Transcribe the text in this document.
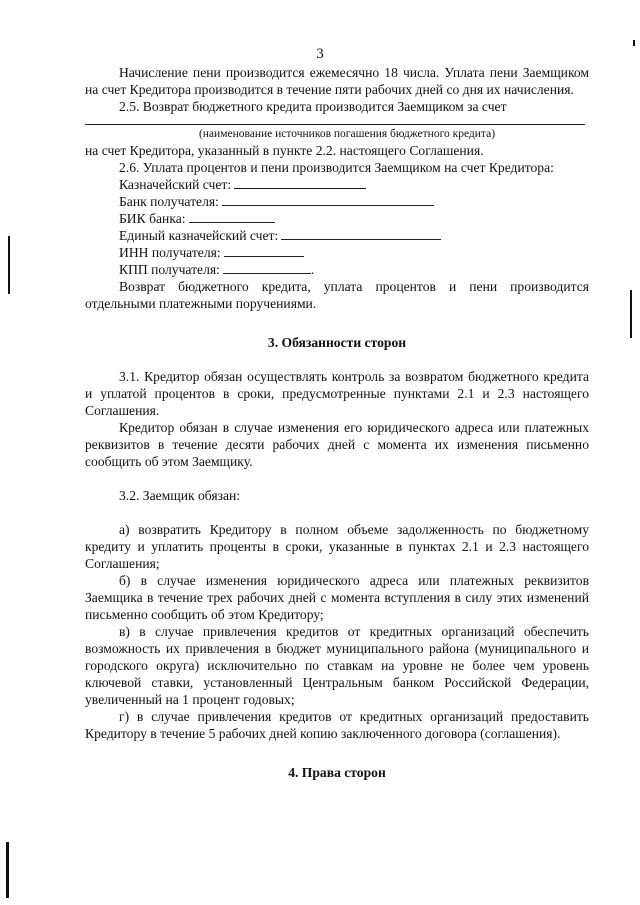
3

Начисление пени производится ежемесячно 18 числа. Уплата пени Заемщиком на счет Кредитора производится в течение пяти рабочих дней со дня их начисления.

2.5. Возврат бюджетного кредита производится Заемщиком за счет

(наименование источников погашения бюджетного кредита)

на счет Кредитора, указанный в пункте 2.2. настоящего Соглашения.

2.6. Уплата процентов и пени производится Заемщиком на счет Кредитора:

Казначейский счет:
Банк получателя:
БИК банка:
Единый казначейский счет:
ИНН получателя:
КПП получателя:	.

Возврат бюджетного кредита, уплата процентов и пени производится отдельными платежными поручениями.

3. Обязанности сторон

3.1. Кредитор обязан осуществлять контроль за возвратом бюджетного кредита и уплатой процентов в сроки, предусмотренные пунктами 2.1 и 2.3 настоящего Соглашения.

Кредитор обязан в случае изменения его юридического адреса или платежных реквизитов в течение десяти рабочих дней с момента их изменения письменно сообщить об этом Заемщику.

3.2. Заемщик обязан:

а) возвратить Кредитору в полном объеме задолженность по бюджетному кредиту и уплатить проценты в сроки, указанные в пунктах 2.1 и 2.3 настоящего Соглашения;

б) в случае изменения юридического адреса или платежных реквизитов Заемщика в течение трех рабочих дней с момента вступления в силу этих изменений письменно сообщить об этом Кредитору;

в) в случае привлечения кредитов от кредитных организаций обеспечить возможность их привлечения в бюджет муниципального района (муниципального и городского округа) исключительно по ставкам на уровне не более чем уровень ключевой ставки, установленный Центральным банком Российской Федерации, увеличенный на 1 процент годовых;

г) в случае привлечения кредитов от кредитных организаций предоставить Кредитору в течение 5 рабочих дней копию заключенного договора (соглашения).

4. Права сторон
